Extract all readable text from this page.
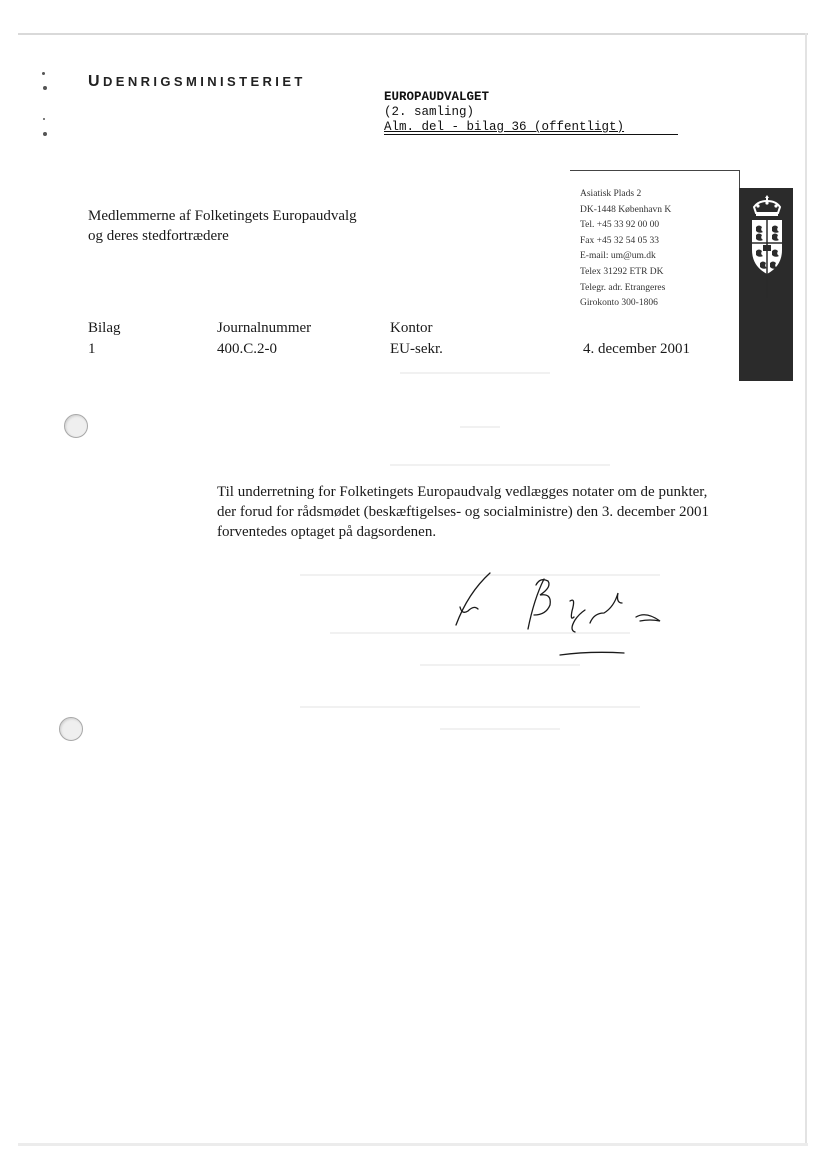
UDENRIGSMINISTERIET
EUROPAUDVALGET
(2. samling)
Alm. del - bilag 36 (offentligt)
Asiatisk Plads 2
DK-1448 København K
Tel. +45 33 92 00 00
Fax +45 32 54 05 33
E-mail: um@um.dk
Telex 31292 ETR DK
Telegr. adr. Etrangeres
Girokonto 300-1806
Medlemmerne af Folketingets Europaudvalg
og deres stedfortrædere
Bilag
1
Journalnummer
400.C.2-0
Kontor
EU-sekr.	4. december 2001
Til underretning for Folketingets Europaudvalg vedlægges notater om de punkter, der forud for rådsmødet (beskæftigelses- og socialministre) den 3. december 2001 forventedes optaget på dagsordenen.
